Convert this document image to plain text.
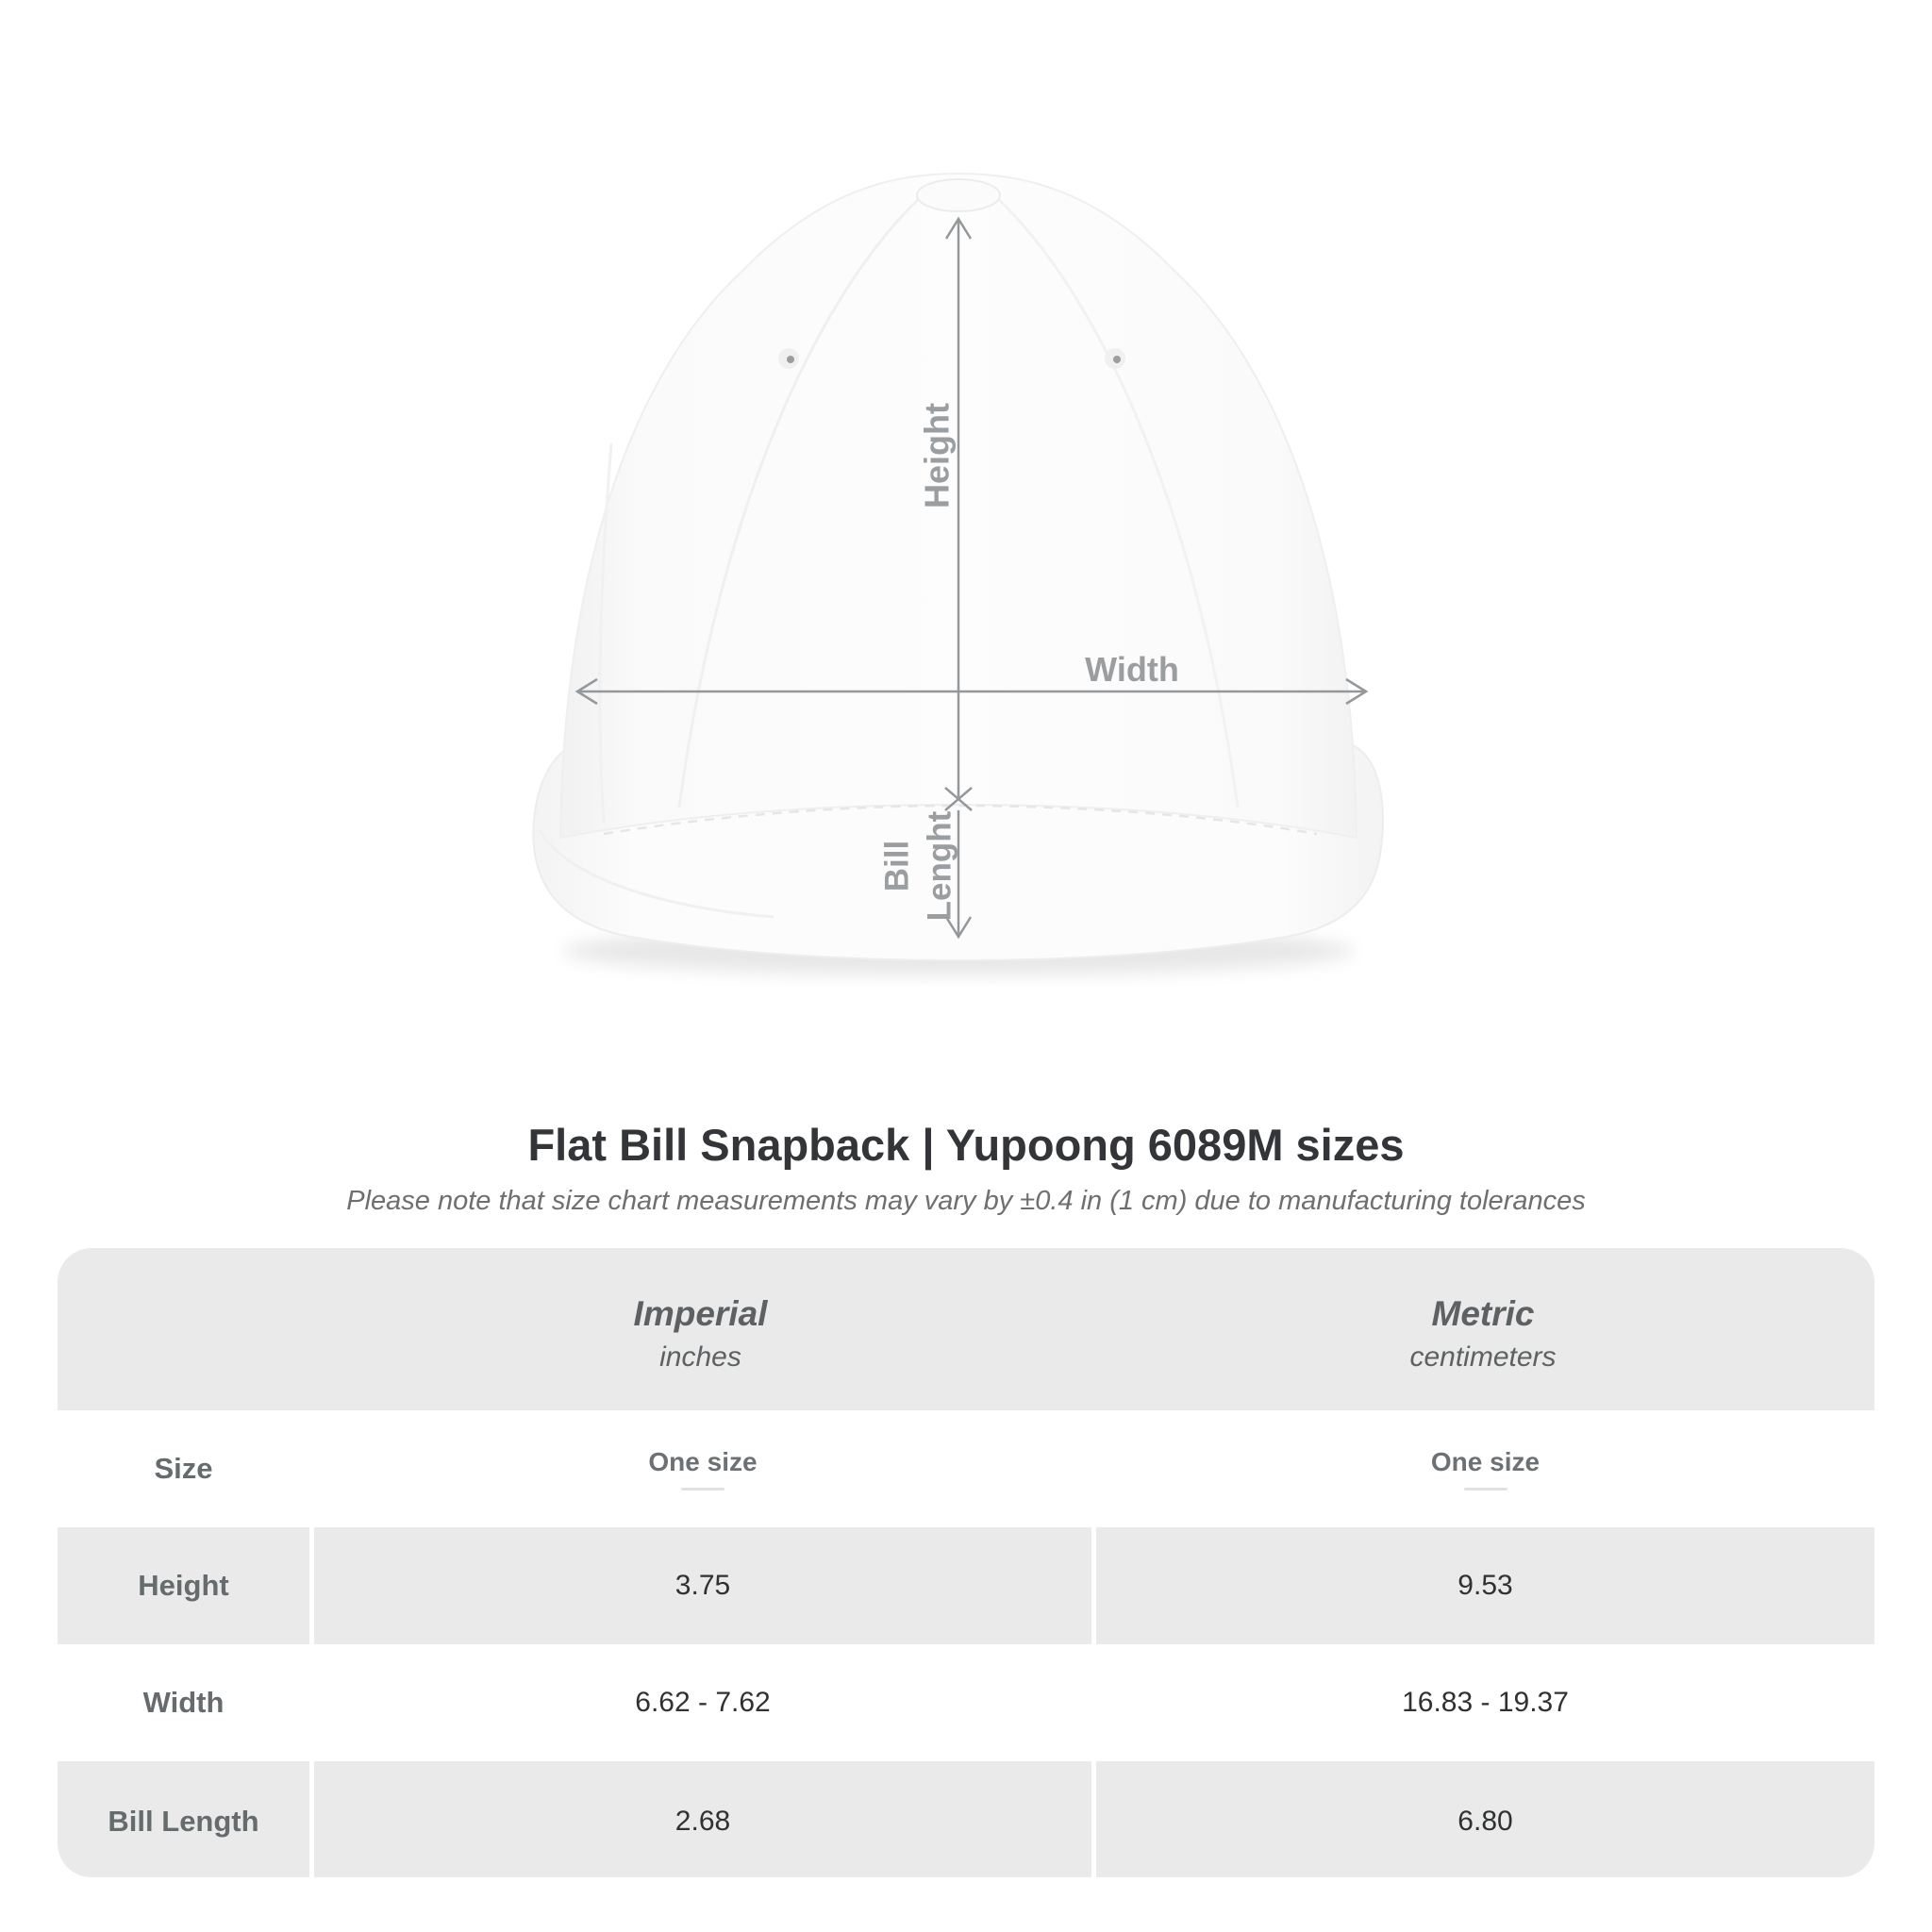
Height
Width
Bill Lenght
Flat Bill Snapback | Yupoong 6089M sizes

Please note that size chart measurements may vary by ±0.4 in (1 cm) due to manufacturing tolerances

Imperial
inches
Metric
centimeters
Size	One size	One size
Height	3.75	9.53
Width	6.62 - 7.62	16.83 - 19.37
Bill Length	2.68	6.80
